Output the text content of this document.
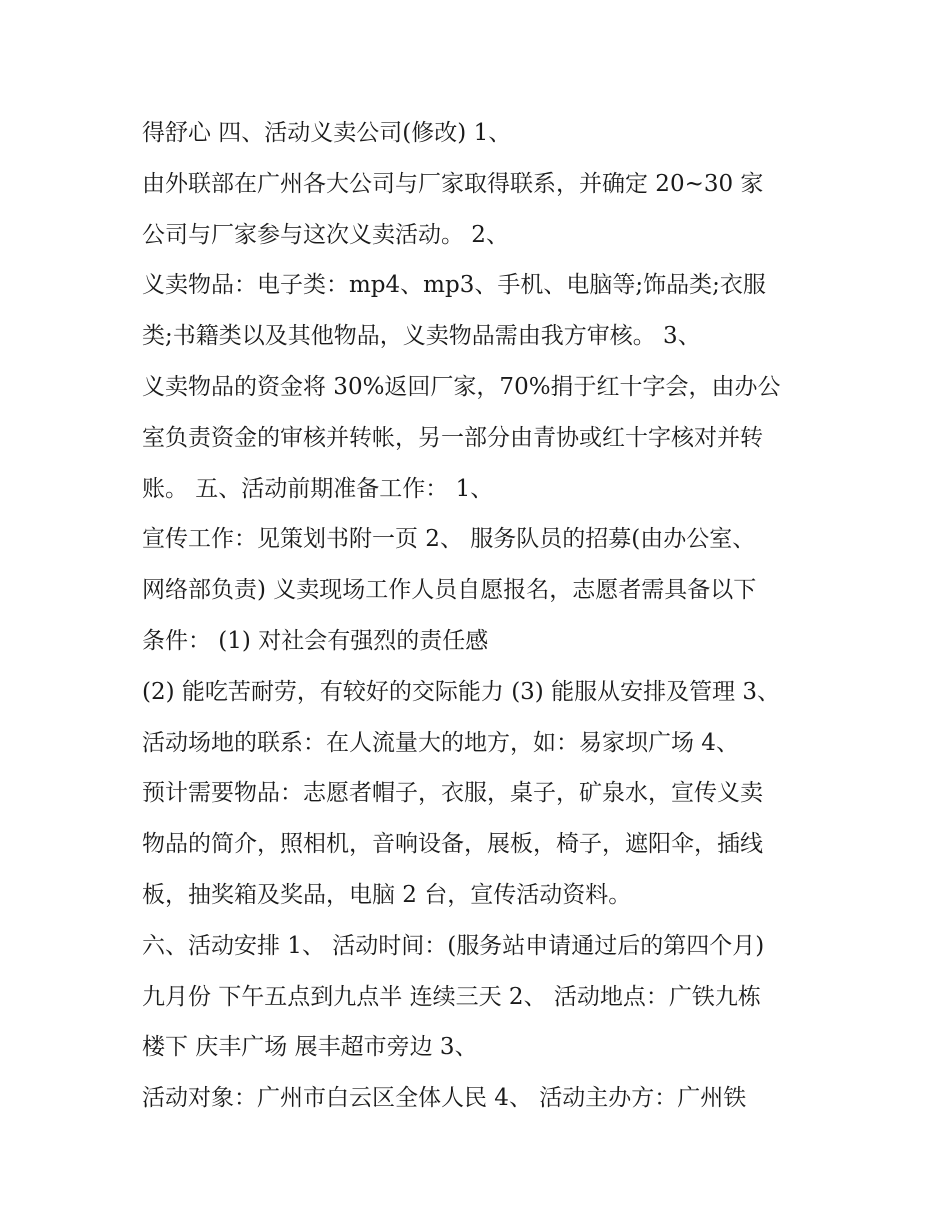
得舒心 四、活动义卖公司(修改) 1、
由外联部在广州各大公司与厂家取得联系，并确定 20~30 家
公司与厂家参与这次义卖活动。 2、
义卖物品：电子类：mp4、mp3、手机、电脑等;饰品类;衣服
类;书籍类以及其他物品，义卖物品需由我方审核。 3、
义卖物品的资金将 30%返回厂家，70%捐于红十字会，由办公
室负责资金的审核并转帐，另一部分由青协或红十字核对并转
账。 五、活动前期准备工作： 1、
宣传工作：见策划书附一页 2、 服务队员的招募(由办公室、
网络部负责) 义卖现场工作人员自愿报名，志愿者需具备以下
条件： (1) 对社会有强烈的责任感
(2) 能吃苦耐劳，有较好的交际能力 (3) 能服从安排及管理 3、
活动场地的联系：在人流量大的地方，如：易家坝广场 4、
预计需要物品：志愿者帽子，衣服，桌子，矿泉水，宣传义卖
物品的简介，照相机，音响设备，展板，椅子，遮阳伞，插线
板，抽奖箱及奖品，电脑 2 台，宣传活动资料。
六、活动安排 1、 活动时间：(服务站申请通过后的第四个月)
九月份 下午五点到九点半 连续三天 2、 活动地点：广铁九栋
楼下 庆丰广场 展丰超市旁边 3、
活动对象：广州市白云区全体人民 4、 活动主办方：广州铁
